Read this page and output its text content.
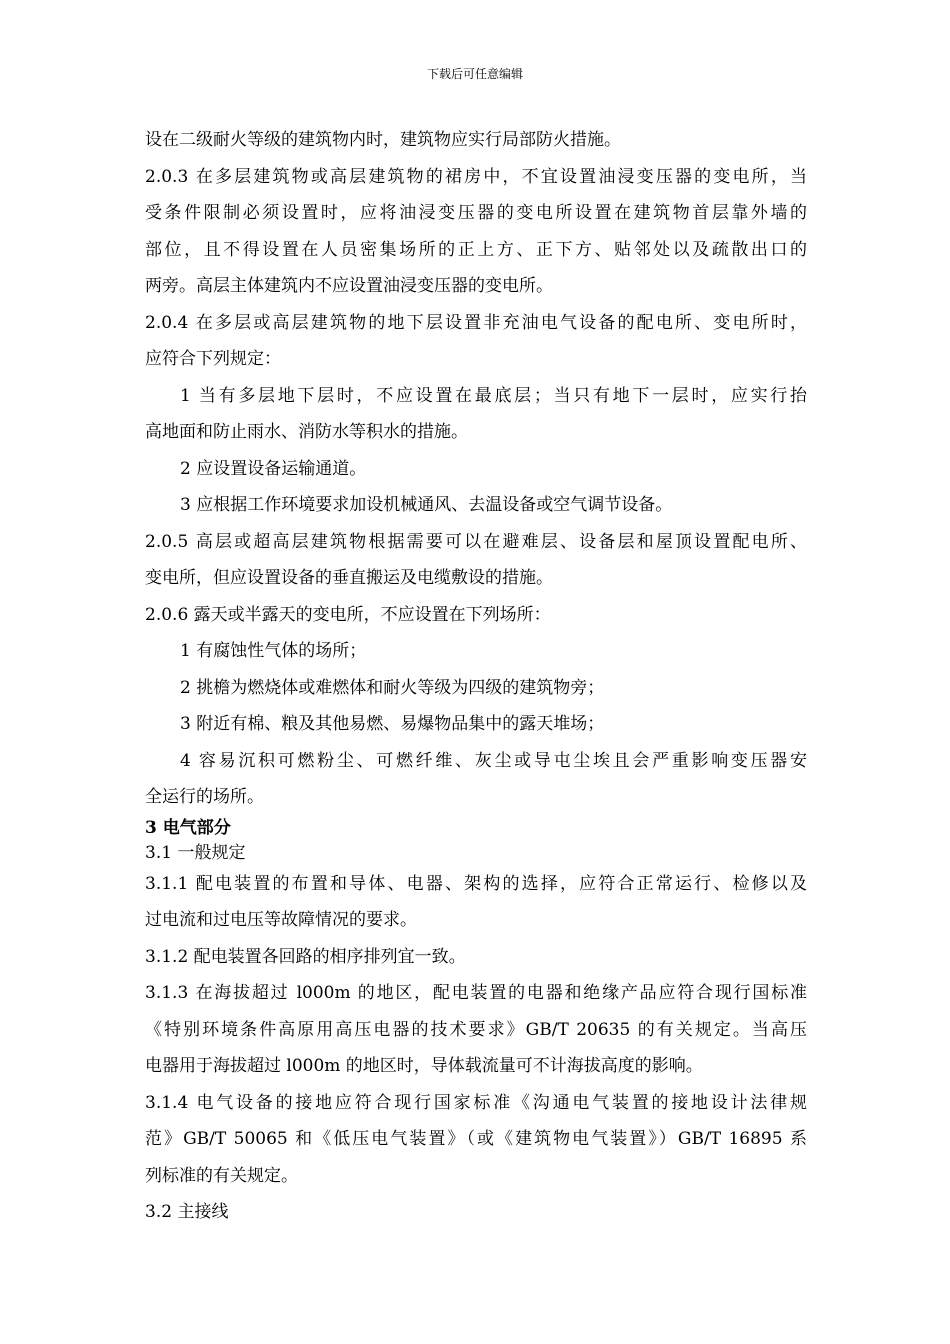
下载后可任意编辑
设在二级耐火等级的建筑物内时，建筑物应实行局部防火措施。
2.0.3 在多层建筑物或高层建筑物的裙房中，不宜设置油浸变压器的变电所，当
受条件限制必须设置时，应将油浸变压器的变电所设置在建筑物首层靠外墙的
部位，且不得设置在人员密集场所的正上方、正下方、贴邻处以及疏散出口的
两旁。高层主体建筑内不应设置油浸变压器的变电所。
2.0.4 在多层或高层建筑物的地下层设置非充油电气设备的配电所、变电所时，
应符合下列规定：
1 当有多层地下层时，不应设置在最底层；当只有地下一层时，应实行抬
高地面和防止雨水、消防水等积水的措施。
2 应设置设备运输通道。
3 应根据工作环境要求加设机械通风、去温设备或空气调节设备。
2.0.5 高层或超高层建筑物根据需要可以在避难层、设备层和屋顶设置配电所、
变电所，但应设置设备的垂直搬运及电缆敷设的措施。
2.0.6 露天或半露天的变电所，不应设置在下列场所：
1 有腐蚀性气体的场所；
2 挑檐为燃烧体或难燃体和耐火等级为四级的建筑物旁；
3 附近有棉、粮及其他易燃、易爆物品集中的露天堆场；
4 容易沉积可燃粉尘、可燃纤维、灰尘或导屯尘埃且会严重影响变压器安
全运行的场所。
3 电气部分
3.1 一般规定
3.1.1 配电装置的布置和导体、电器、架构的选择，应符合正常运行、检修以及
过电流和过电压等故障情况的要求。
3.1.2 配电装置各回路的相序排列宜一致。
3.1.3 在海拔超过 l000m 的地区，配电装置的电器和绝缘产品应符合现行国标准
《特别环境条件高原用高压电器的技术要求》GB/T 20635 的有关规定。当高压
电器用于海拔超过 l000m 的地区时，导体载流量可不计海拔高度的影响。
3.1.4 电气设备的接地应符合现行国家标准《沟通电气装置的接地设计法律规
范》GB/T 50065 和《低压电气装置》（或《建筑物电气装置》）GB/T 16895 系
列标准的有关规定。
3.2 主接线
